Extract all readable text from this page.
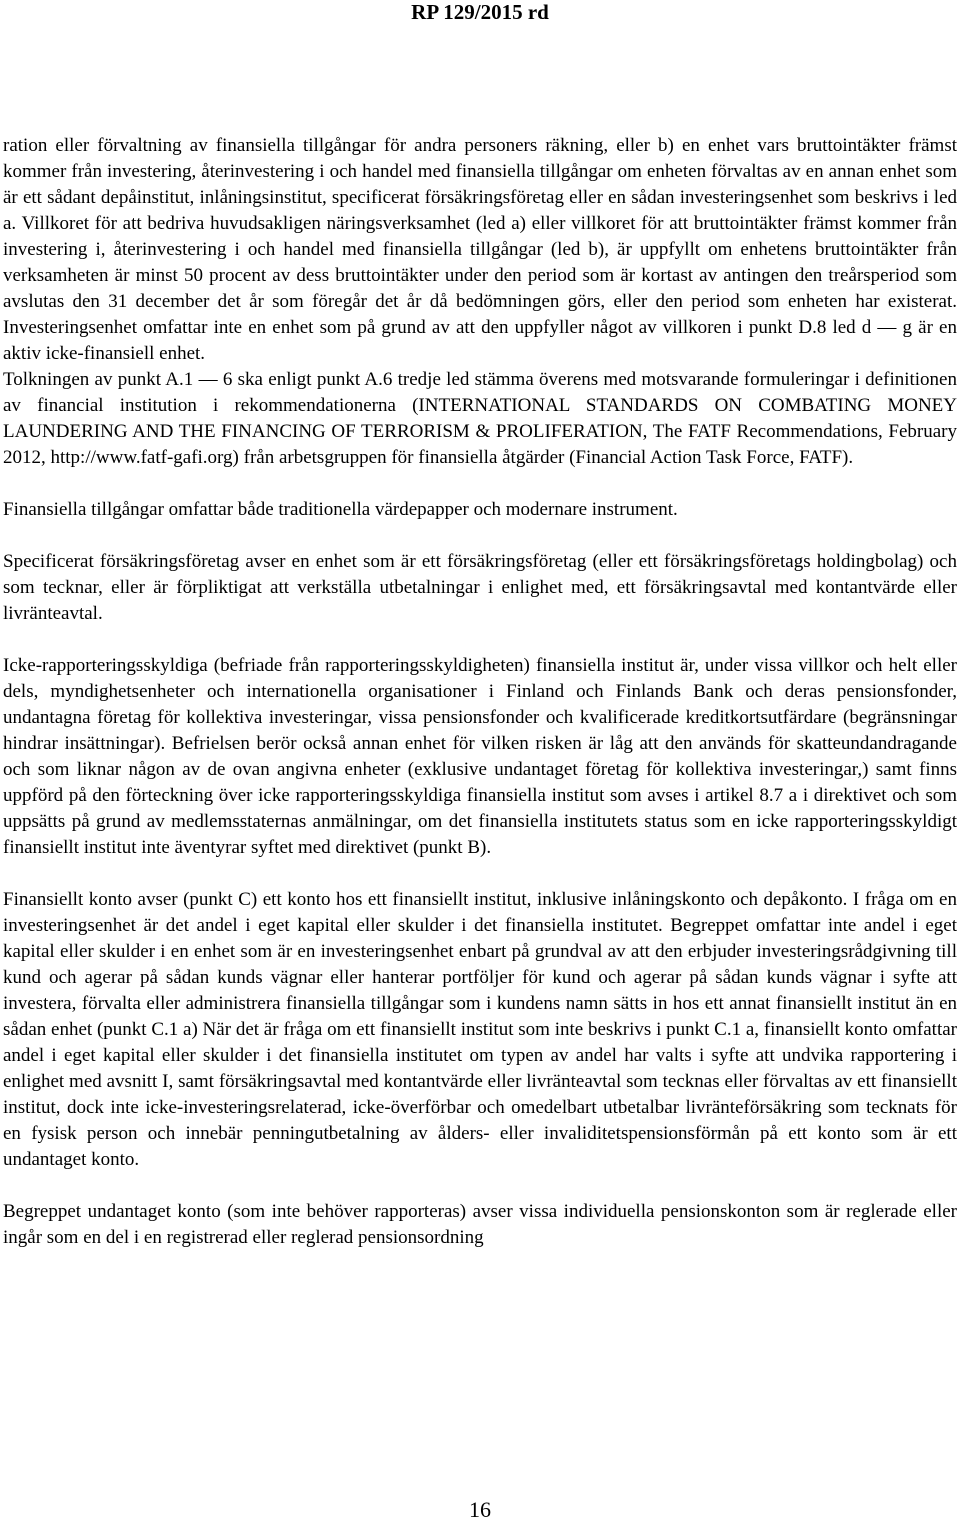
RP 129/2015 rd

ration eller förvaltning av finansiella tillgångar för andra personers räkning, eller b) en enhet vars bruttointäkter främst kommer från investering, återinvestering i och handel med finansiella tillgångar om enheten förvaltas av en annan enhet som är ett sådant depåinstitut, inlåningsinstitut, specificerat försäkringsföretag eller en sådan investeringsenhet som beskrivs i led a. Villkoret för att bedriva huvudsakligen näringsverksamhet (led a) eller villkoret för att bruttointäkter främst kommer från investering i, återinvestering i och handel med finansiella tillgångar (led b), är uppfyllt om enhetens bruttointäkter från verksamheten är minst 50 procent av dess bruttointäkter under den period som är kortast av antingen den treårsperiod som avslutas den 31 december det år som föregår det år då bedömningen görs, eller den period som enheten har existerat. Investeringsenhet omfattar inte en enhet som på grund av att den uppfyller något av villkoren i punkt D.8 led d — g är en aktiv icke-finansiell enhet.

Tolkningen av punkt A.1 — 6 ska enligt punkt A.6 tredje led stämma överens med motsvarande formuleringar i definitionen av financial institution i rekommendationerna (INTERNATIONAL STANDARDS ON COMBATING MONEY LAUNDERING AND THE FINANCING OF TERRORISM & PROLIFERATION, The FATF Recommendations, February 2012, http://www.fatf-gafi.org) från arbetsgruppen för finansiella åtgärder (Financial Action Task Force, FATF).

Finansiella tillgångar omfattar både traditionella värdepapper och modernare instrument.

Specificerat försäkringsföretag avser en enhet som är ett försäkringsföretag (eller ett försäkringsföretags holdingbolag) och som tecknar, eller är förpliktigat att verkställa utbetalningar i enlighet med, ett försäkringsavtal med kontantvärde eller livränteavtal.

Icke-rapporteringsskyldiga (befriade från rapporteringsskyldigheten) finansiella institut är, under vissa villkor och helt eller dels, myndighetsenheter och internationella organisationer i Finland och Finlands Bank och deras pensionsfonder, undantagna företag för kollektiva investeringar, vissa pensionsfonder och kvalificerade kreditkortsutfärdare (begränsningar hindrar insättningar). Befrielsen berör också annan enhet för vilken risken är låg att den används för skatteundandragande och som liknar någon av de ovan angivna enheter (exklusive undantaget företag för kollektiva investeringar,) samt finns uppförd på den förteckning över icke rapporteringsskyldiga finansiella institut som avses i artikel 8.7 a i direktivet och som uppsätts på grund av medlemsstaternas anmälningar, om det finansiella institutets status som en icke rapporteringsskyldigt finansiellt institut inte äventyrar syftet med direktivet (punkt B).

Finansiellt konto avser (punkt C) ett konto hos ett finansiellt institut, inklusive inlåningskonto och depåkonto. I fråga om en investeringsenhet är det andel i eget kapital eller skulder i det finansiella institutet. Begreppet omfattar inte andel i eget kapital eller skulder i en enhet som är en investeringsenhet enbart på grundval av att den erbjuder investeringsrådgivning till kund och agerar på sådan kunds vägnar eller hanterar portföljer för kund och agerar på sådan kunds vägnar i syfte att investera, förvalta eller administrera finansiella tillgångar som i kundens namn sätts in hos ett annat finansiellt institut än en sådan enhet (punkt C.1 a) När det är fråga om ett finansiellt institut som inte beskrivs i punkt C.1 a, finansiellt konto omfattar andel i eget kapital eller skulder i det finansiella institutet om typen av andel har valts i syfte att undvika rapportering i enlighet med avsnitt I, samt försäkringsavtal med kontantvärde eller livränteavtal som tecknas eller förvaltas av ett finansiellt institut, dock inte icke-investeringsrelaterad, icke-överförbar och omedelbart utbetalbar livränteförsäkring som tecknats för en fysisk person och innebär penningutbetalning av ålders- eller invaliditetspensionsförmån på ett konto som är ett undantaget konto.

Begreppet undantaget konto (som inte behöver rapporteras) avser vissa individuella pensionskonton som är reglerade eller ingår som en del i en registrerad eller reglerad pensionsordning

16
